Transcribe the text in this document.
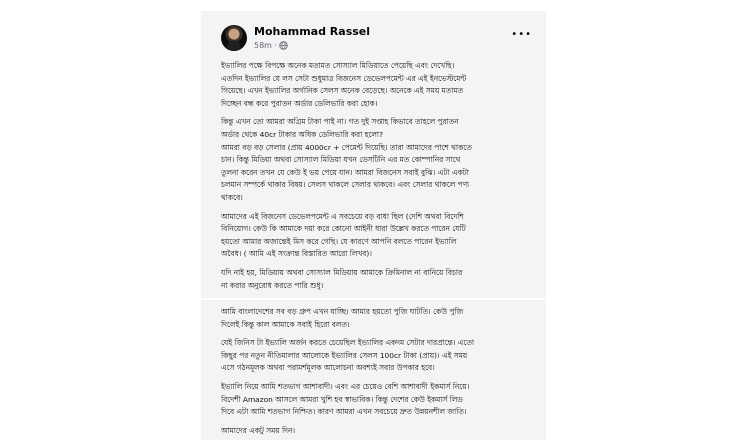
Mohammad Rassel
58m ·
•••

ইভ্যালির পক্ষে বিপক্ষে অনেক মতামত সোস্যাল মিডিয়াতে পেয়েছি এবং দেখেছি।
এতদিন ইভ্যালির যে লস সেটা শুধুমাত্র বিজনেস ডেভেলপমেন্ট এর এই ইনভেস্টমেন্ট
গিয়েছে। এখন ইভ্যালির অর্গানিক সেলস অনেক বেড়েছে। অনেকে এই সময় মতামত
দিচ্ছেন বন্ধ করে পুরাতন অর্ডার ডেলিভারি করা হোক।

কিন্তু এখন তো আমরা অগ্রিম টাকা পাই না। গত দুই সপ্তাহ কিভাবে তাহলে পুরাতন
অর্ডার থেকে 40cr টাকার অধিক ডেলিভারি করা হলো?
আমরা বড় বড় সেলার (প্রায় 4000cr + পেমেন্ট দিয়েছি। তারা আমাদের পাশে থাকতে
চান। কিন্তু মিডিয়া অথবা সোস্যাল মিডিয়া যখন ডেসটিনি এর মত কোম্পানির সাথে
তুলনা করেন তখন যে কেউ ই ভয় পেয়ে যান। আমরা বিজনেস সবাই বুঝি। এটা একটা
চলমান সম্পর্কে থাকার বিষয়। সেলস থাকলে সেলার থাকবে। এবং সেলার থাকলে পণ্য
থাকবে।

আমাদের এই বিজনেস ডেভেলপমেন্ট এ সবচেয়ে বড় বাধা ছিল (দেশি অথবা বিদেশি
বিনিয়োগ। কেউ কি আমাকে দয়া করে কোনো আইনী ধারা উল্লেখ করতে পারেন যেটি
হয়তো আমার অজান্তেই মিস করে গেছি। যে কারণে আপনি বলতে পারেন ইভ্যালি
অবৈধ। ( আমি এই সংক্রান্ত বিস্তারিত আরো লিখব)।

যদি নাই হয়, মিডিয়ায় অথবা সোস্যাল মিডিয়ায় আমাকে ক্রিমিনাল না বানিয়ে বিচার
না করার অনুরোধ করতে পারি শুধু।

আমি বাংলাদেশের সব বড় গ্রুপ এখন যাচ্ছি। আমার হয়তো পুজি ঘাটতি। কেউ পুজি
দিলেই কিন্তু কাল আমাকে সবাই হিরো বলত।

যেই জিনিস টা ইভ্যালি অর্জন করতে চেয়েছিল ইভ্যালির একদম সেটার দারপ্রান্তে। এতো
কিছুর পর নতুন নীতিমালার আলোকে ইভ্যালির সেলস 100cr টাকা (প্রায়)। এই সময়
এসে গঠনমূলক অথবা পরামর্শমূলক আলোচনা অবশ্যই সবার উপকার হবে।

ইভ্যালি নিয়ে আমি শতভাগ আশাবাদী। এবং এর চেয়েও বেশি আশাবাদী ইকমার্স নিয়ে।
বিদেশী Amazon আসলে আমরা খুশি হব স্বাভাবিক। কিন্তু দেশের কেউ ইকমার্স লিড
দিবে এটা আমি শতভাগ নিশ্চিত। কারণ আমরা এখন সবচেয়ে দ্রুত উন্নয়নশীল জাতি।

আমাদের একটু সময় দিন।
